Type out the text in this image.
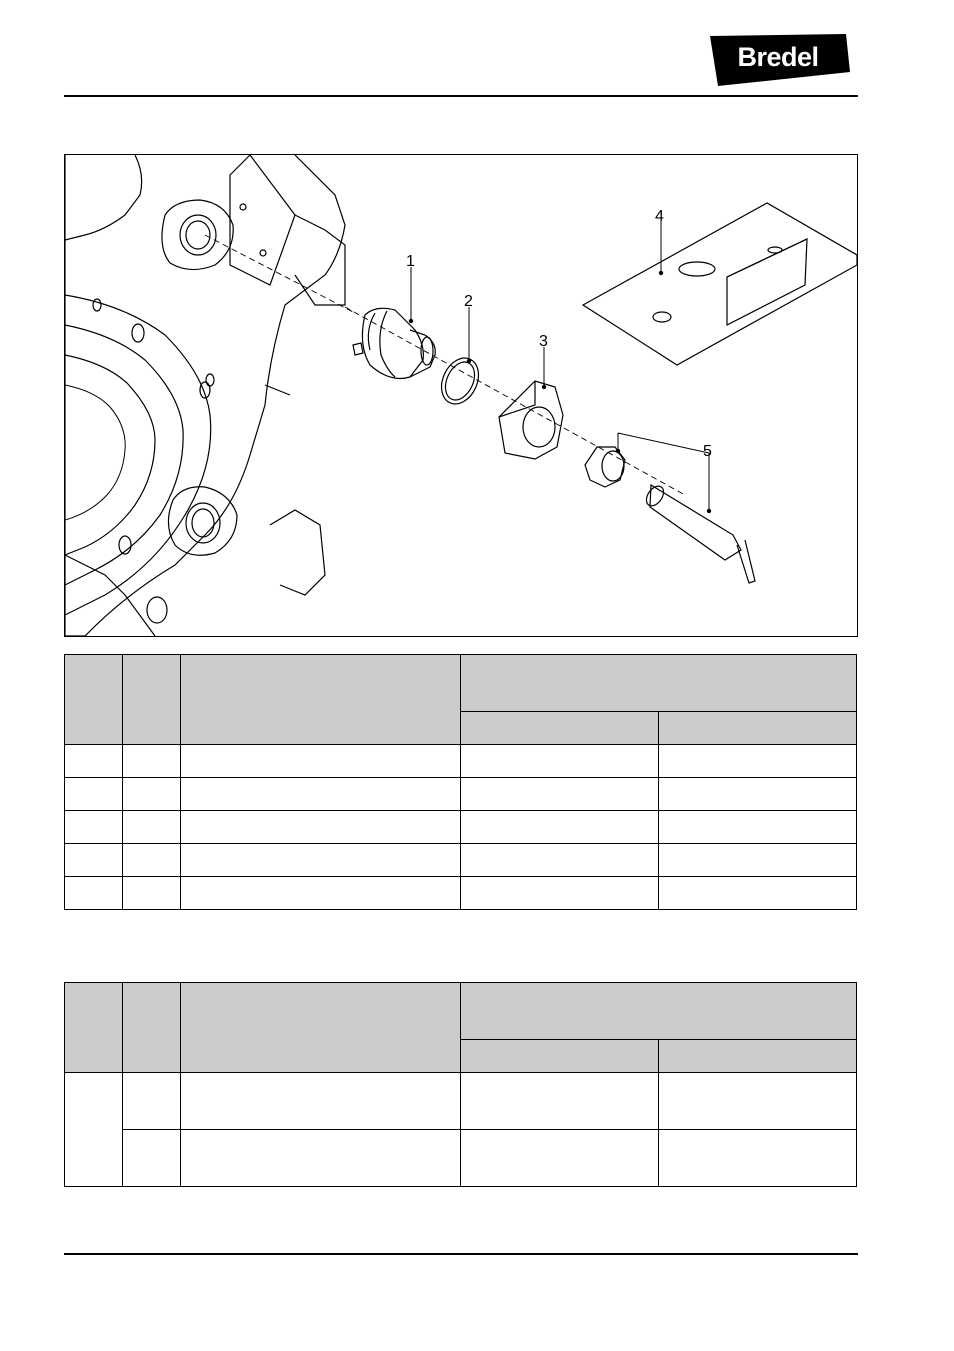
Bredel
1
2
3
4
5
